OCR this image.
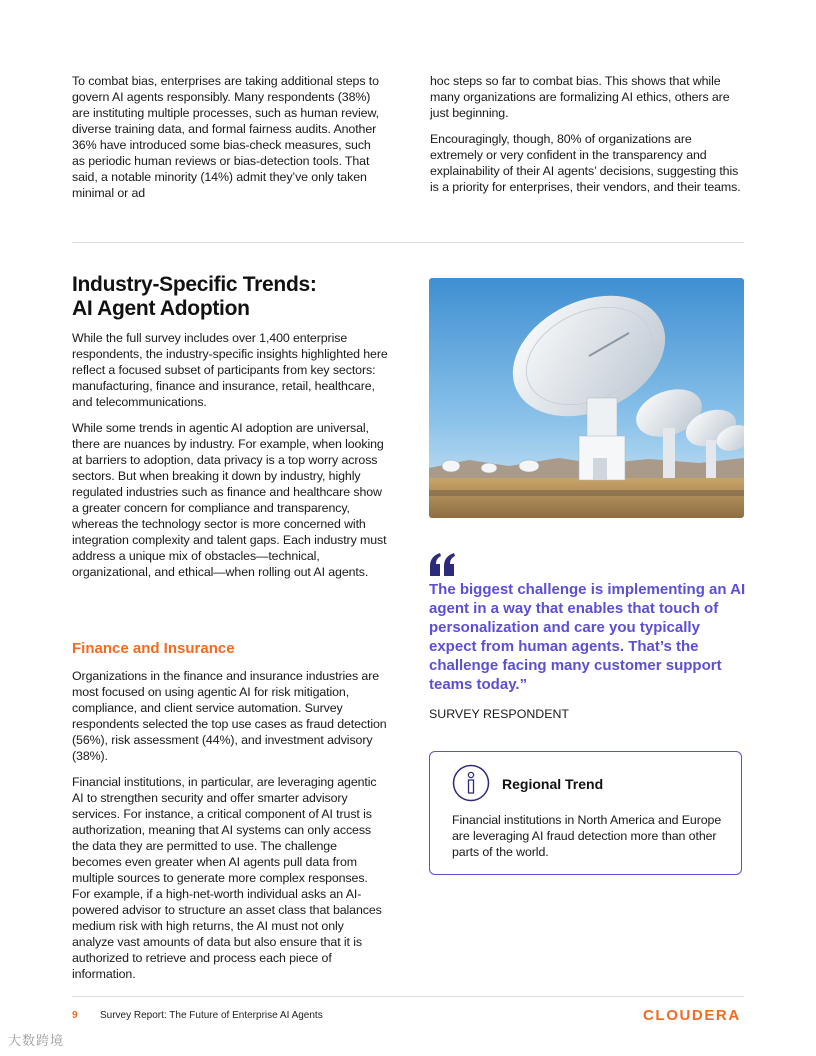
To combat bias, enterprises are taking additional steps to govern AI agents responsibly. Many respondents (38%) are instituting multiple processes, such as human review, diverse training data, and formal fairness audits. Another 36% have introduced some bias-check measures, such as periodic human reviews or bias-detection tools. That said, a notable minority (14%) admit they’ve only taken minimal or ad

hoc steps so far to combat bias. This shows that while many organizations are formalizing AI ethics, others are just beginning.

Encouragingly, though, 80% of organizations are extremely or very confident in the transparency and explainability of their AI agents’ decisions, suggesting this is a priority for enterprises, their vendors, and their teams.

Industry-Specific Trends:
AI Agent Adoption

While the full survey includes over 1,400 enterprise respondents, the industry-specific insights highlighted here reflect a focused subset of participants from key sectors: manufacturing, finance and insurance, retail, healthcare, and telecommunications.

While some trends in agentic AI adoption are universal, there are nuances by industry. For example, when looking at barriers to adoption, data privacy is a top worry across sectors. But when breaking it down by industry, highly regulated industries such as finance and healthcare show a greater concern for compliance and transparency, whereas the technology sector is more concerned with integration complexity and talent gaps. Each industry must address a unique mix of obstacles—technical, organizational, and ethical—when rolling out AI agents.

Finance and Insurance

Organizations in the finance and insurance industries are most focused on using agentic AI for risk mitigation, compliance, and client service automation. Survey respondents selected the top use cases as fraud detection (56%), risk assessment (44%), and investment advisory (38%).

Financial institutions, in particular, are leveraging agentic AI to strengthen security and offer smarter advisory services. For instance, a critical component of AI trust is authorization, meaning that AI systems can only access the data they are permitted to use. The challenge becomes even greater when AI agents pull data from multiple sources to generate more complex responses. For example, if a high-net-worth individual asks an AI-powered advisor to structure an asset class that balances medium risk with high returns, the AI must not only analyze vast amounts of data but also ensure that it is authorized to retrieve and process each piece of information.

The biggest challenge is implementing an AI agent in a way that enables that touch of personalization and care you typically expect from human agents. That’s the challenge facing many customer support teams today.”
SURVEY RESPONDENT
Regional Trend
Financial institutions in North America and Europe are leveraging AI fraud detection more than other parts of the world.
9 Survey Report: The Future of Enterprise AI Agents	CLOUDERA
大数跨境
